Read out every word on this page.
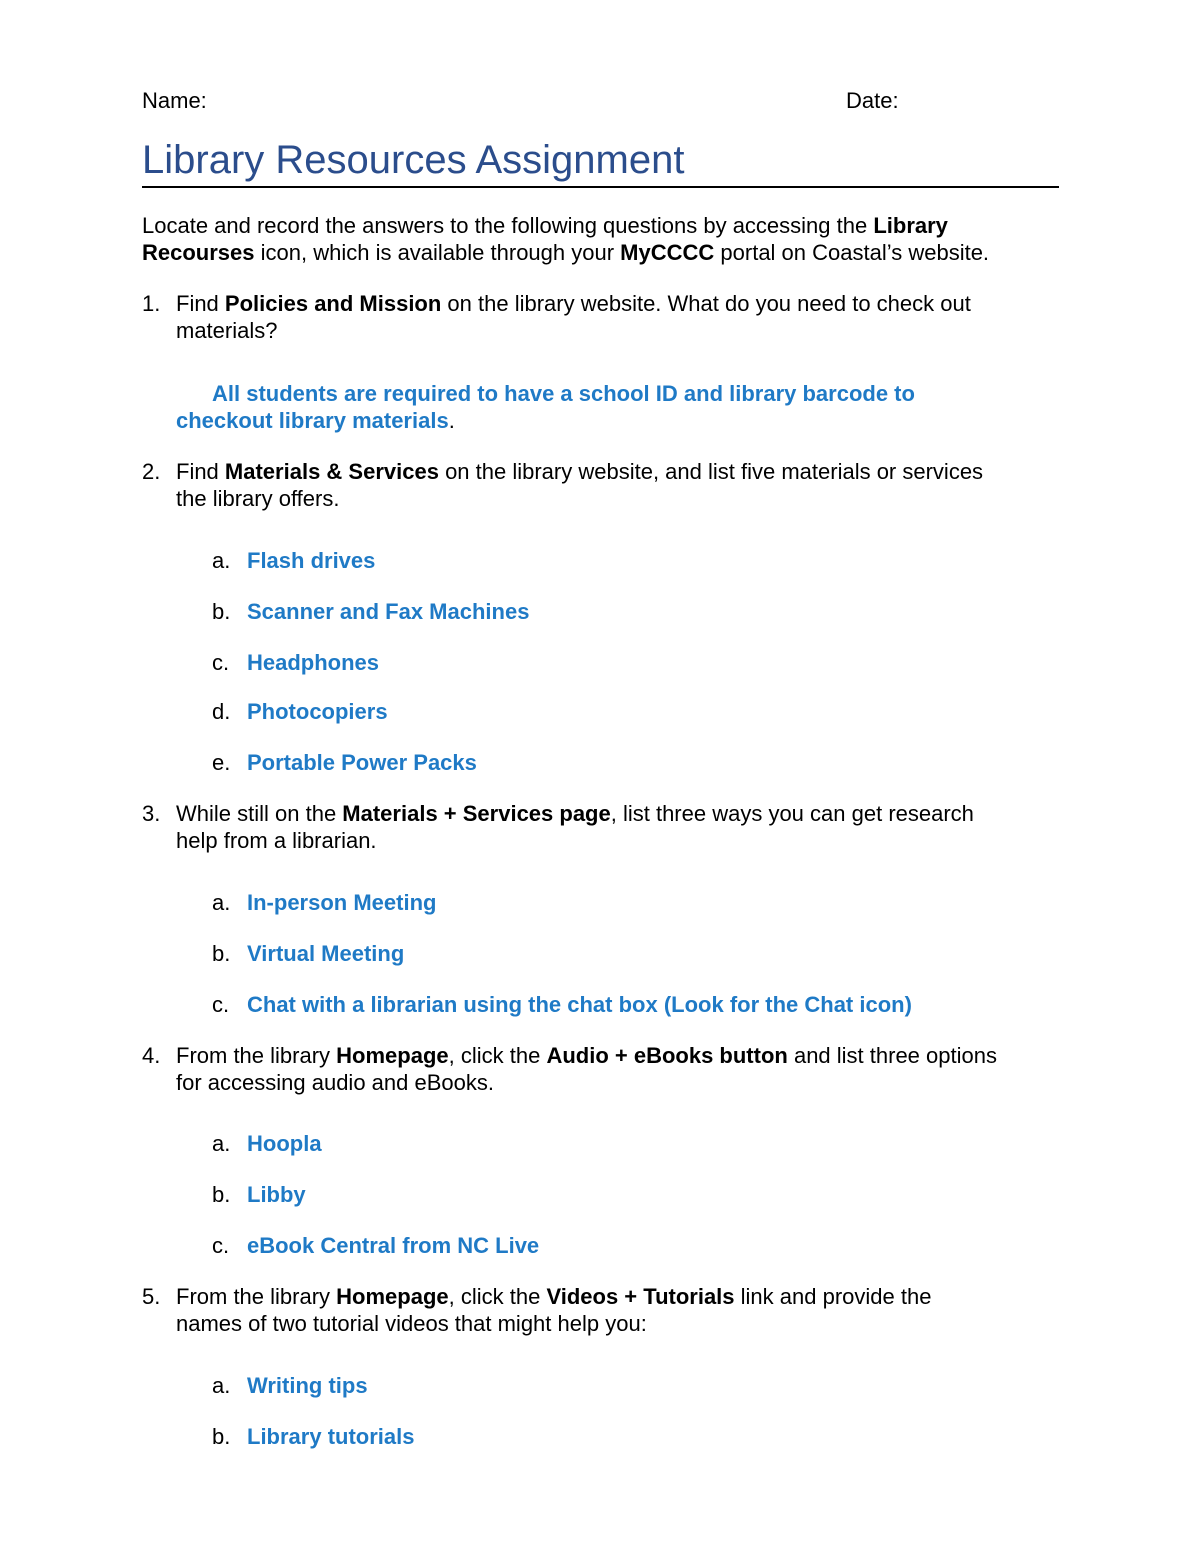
Name:	Date:
Library Resources Assignment
Locate and record the answers to the following questions by accessing the Library
Recourses icon, which is available through your MyCCCC portal on Coastal’s website.
1. Find Policies and Mission on the library website. What do you need to check out
materials?
All students are required to have a school ID and library barcode to
checkout library materials.
2. Find Materials & Services on the library website, and list five materials or services
the library offers.
a. Flash drives
b. Scanner and Fax Machines
c. Headphones
d. Photocopiers
e. Portable Power Packs
3. While still on the Materials + Services page, list three ways you can get research
help from a librarian.
a. In-person Meeting
b. Virtual Meeting
c. Chat with a librarian using the chat box (Look for the Chat icon)
4. From the library Homepage, click the Audio + eBooks button and list three options
for accessing audio and eBooks.
a. Hoopla
b. Libby
c. eBook Central from NC Live
5. From the library Homepage, click the Videos + Tutorials link and provide the
names of two tutorial videos that might help you:
a. Writing tips
b. Library tutorials
